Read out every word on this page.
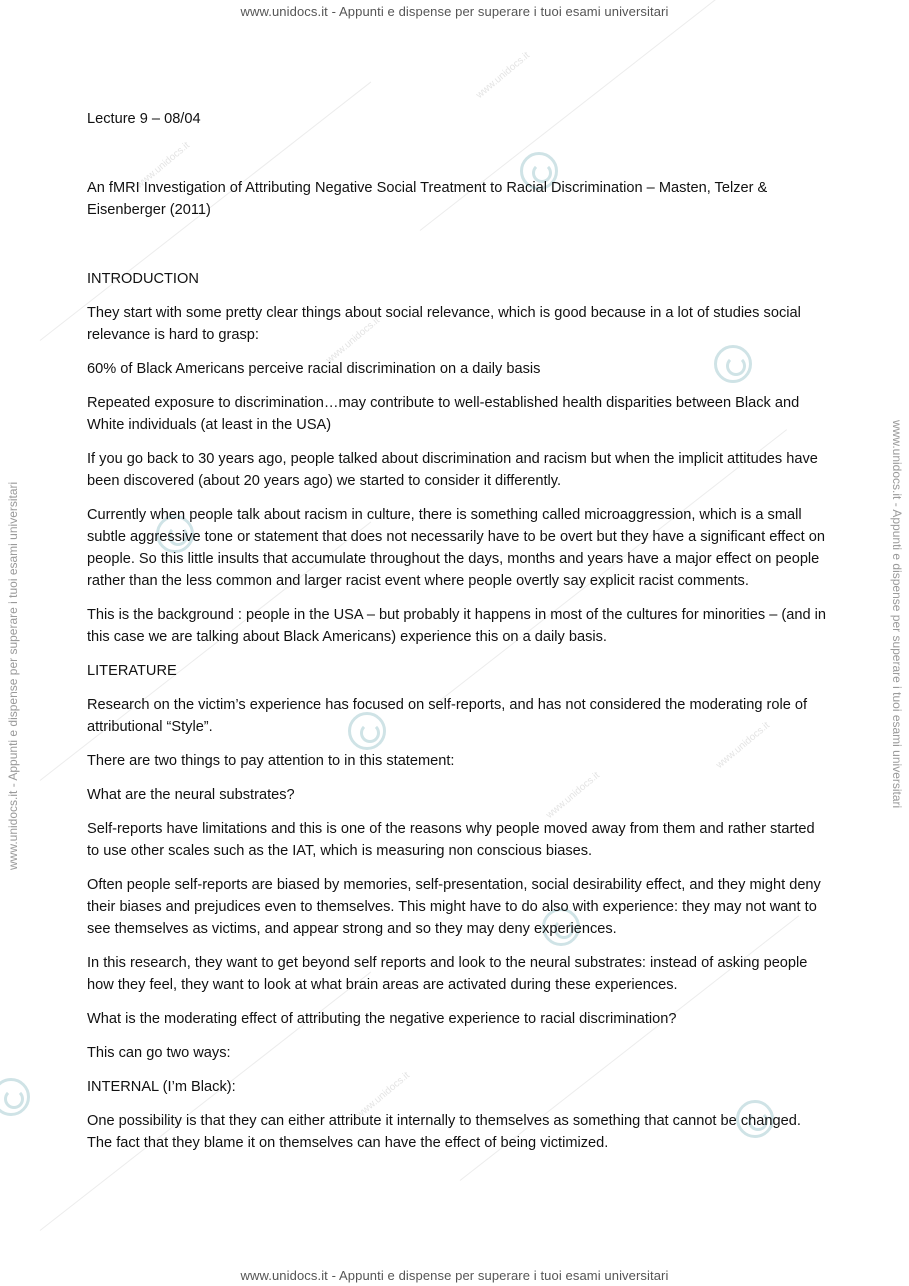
www.unidocs.it
www.unidocs.it
www.unidocs.it
www.unidocs.it
www.unidocs.it
www.unidocs.it
www.unidocs.it - Appunti e dispense per superare i tuoi esami universitari
www.unidocs.it - Appunti e dispense per superare i tuoi esami universitari
www.unidocs.it - Appunti e dispense per superare i tuoi esami universitari	www.unidocs.it - Appunti e dispense per superare i tuoi esami universitari

Lecture 9 – 08/04

An fMRI Investigation of Attributing Negative Social Treatment to Racial Discrimination – Masten, Telzer & Eisenberger (2011)

INTRODUCTION

They start with some pretty clear things about social relevance, which is good because in a lot of studies social relevance is hard to grasp:

60% of Black Americans perceive racial discrimination on a daily basis

Repeated exposure to discrimination…may contribute to well-established health disparities between Black and White individuals (at least in the USA)

If you go back to 30 years ago, people talked about discrimination and racism but when the implicit attitudes have been discovered (about 20 years ago) we started to consider it differently.

Currently when people talk about racism in culture, there is something called microaggression, which is a small subtle aggressive tone or statement that does not necessarily have to be overt but they have a significant effect on people. So this little insults that accumulate throughout the days, months and years have a major effect on people rather than the less common and larger racist event where people overtly say explicit racist comments.

This is the background : people in the USA – but probably it happens in most of the cultures for minorities – (and in this case we are talking about Black Americans) experience this on a daily basis.

LITERATURE

Research on the victim’s experience has focused on self-reports, and has not considered the moderating role of attributional “Style”.

There are two things to pay attention to in this statement:

What are the neural substrates?

Self-reports have limitations and this is one of the reasons why people moved away from them and rather started to use other scales such as the IAT, which is measuring non conscious biases.

Often people self-reports are biased by memories, self-presentation, social desirability effect, and they might deny their biases and prejudices even to themselves. This might have to do also with experience: they may not want to see themselves as victims, and appear strong and so they may deny experiences.

In this research, they want to get beyond self reports and look to the neural substrates: instead of asking people how they feel, they want to look at what brain areas are activated during these experiences.

What is the moderating effect of attributing the negative experience to racial discrimination?

This can go two ways:

INTERNAL (I’m Black):

One possibility is that they can either attribute it internally to themselves as something that cannot be changed. The fact that they blame it on themselves can have the effect of being victimized.
